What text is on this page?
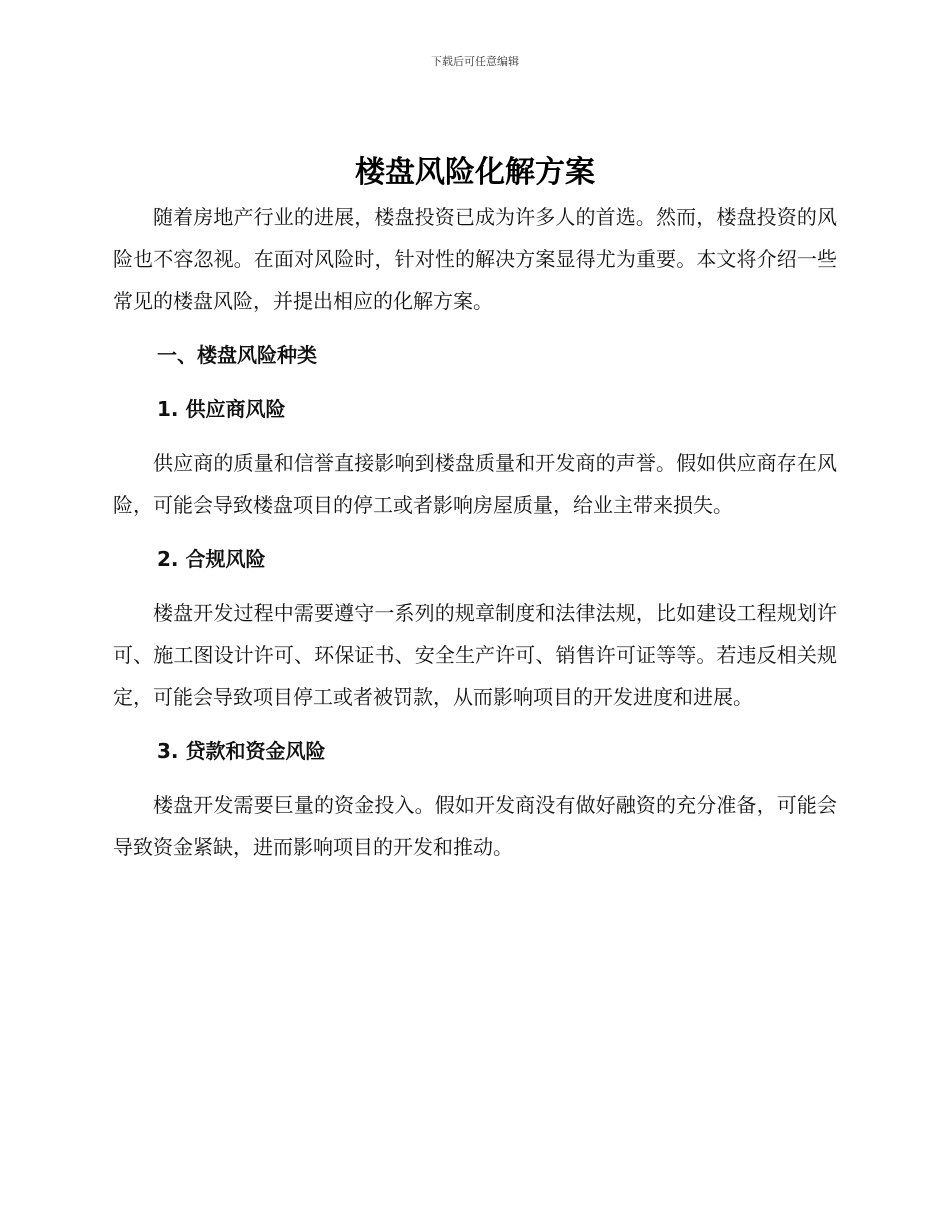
下载后可任意编辑
楼盘风险化解方案

随着房地产行业的进展，楼盘投资已成为许多人的首选。然而，楼盘投资的风险也不容忽视。在面对风险时，针对性的解决方案显得尤为重要。本文将介绍一些常见的楼盘风险，并提出相应的化解方案。

一、楼盘风险种类
1. 供应商风险

供应商的质量和信誉直接影响到楼盘质量和开发商的声誉。假如供应商存在风险，可能会导致楼盘项目的停工或者影响房屋质量，给业主带来损失。

2. 合规风险

楼盘开发过程中需要遵守一系列的规章制度和法律法规，比如建设工程规划许可、施工图设计许可、环保证书、安全生产许可、销售许可证等等。若违反相关规定，可能会导致项目停工或者被罚款，从而影响项目的开发进度和进展。

3. 贷款和资金风险

楼盘开发需要巨量的资金投入。假如开发商没有做好融资的充分准备，可能会导致资金紧缺，进而影响项目的开发和推动。
